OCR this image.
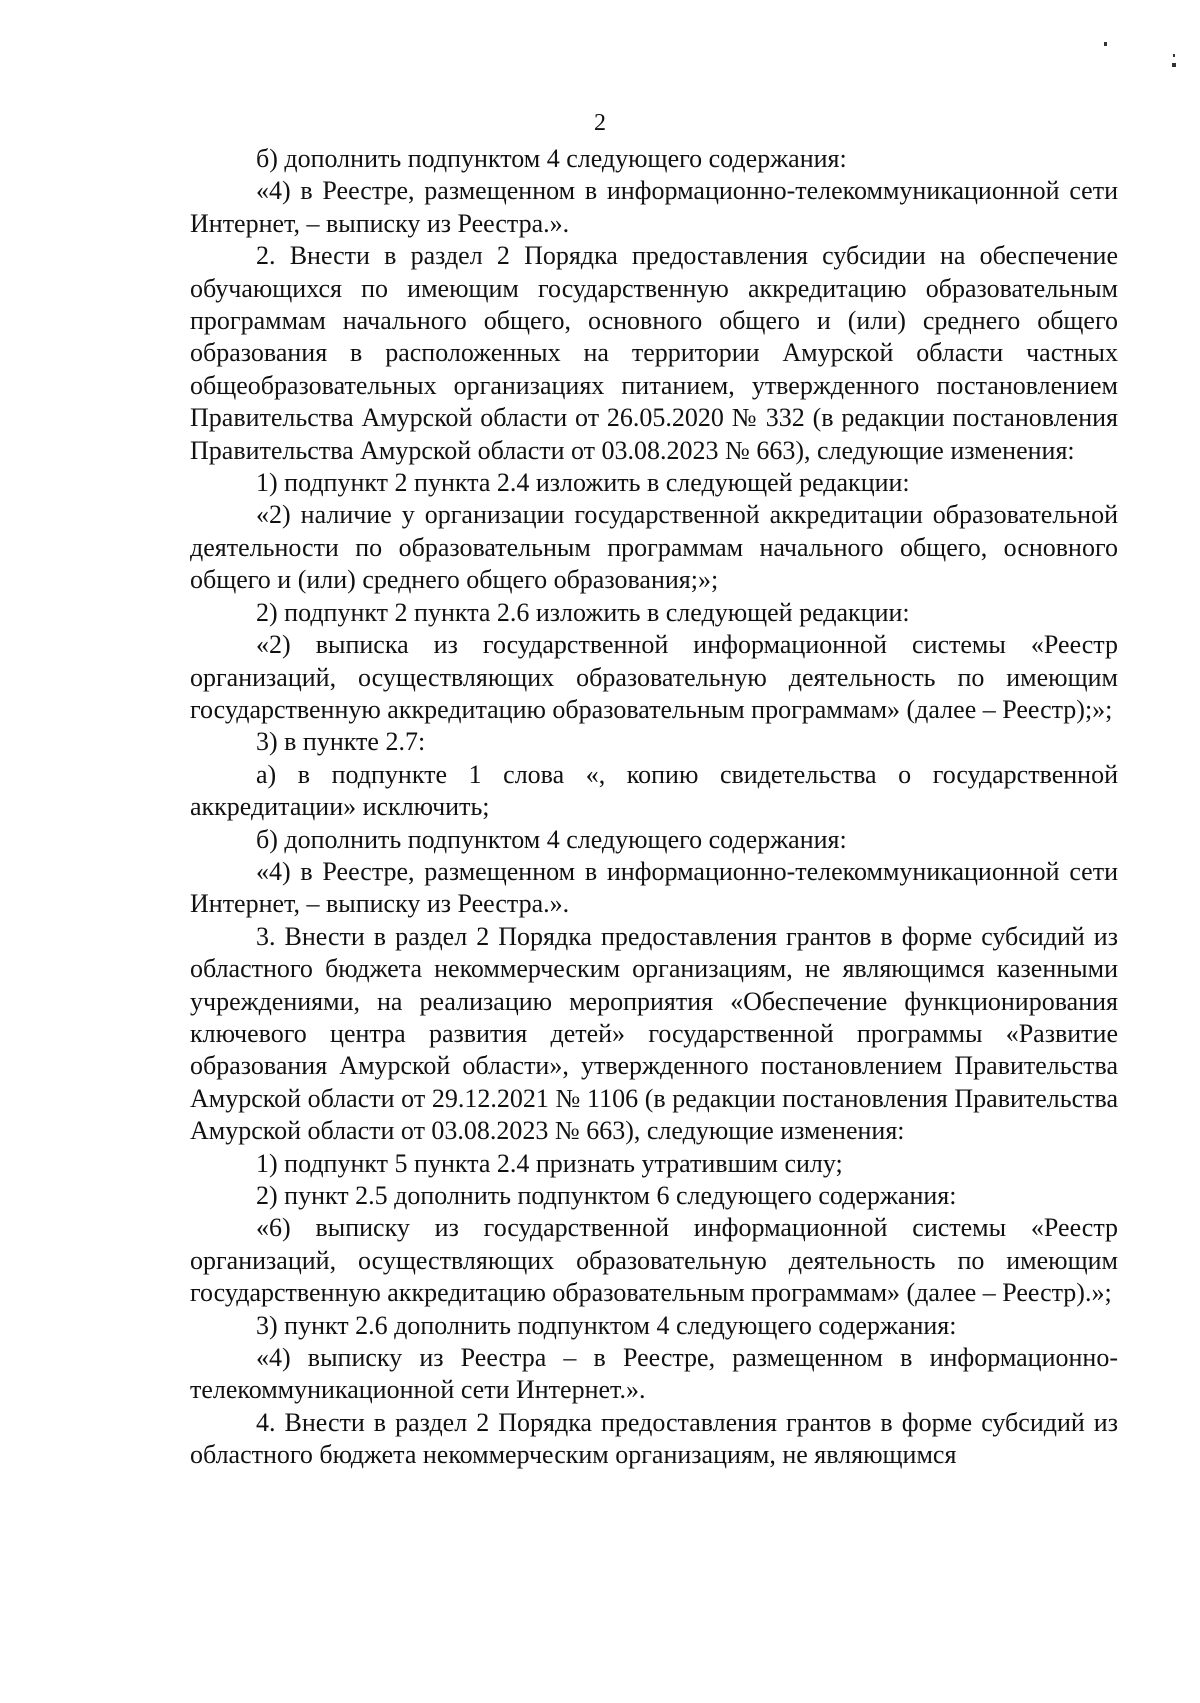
2

б) дополнить подпунктом 4 следующего содержания:

«4) в Реестре, размещенном в информационно-телекоммуникационной сети Интернет, – выписку из Реестра.».

2. Внести в раздел 2 Порядка предоставления субсидии на обеспечение обучающихся по имеющим государственную аккредитацию образовательным программам начального общего, основного общего и (или) среднего общего образования в расположенных на территории Амурской области частных общеобразовательных организациях питанием, утвержденного постановлением Правительства Амурской области от 26.05.2020 № 332 (в редакции постановления Правительства Амурской области от 03.08.2023 № 663), следующие изменения:

1) подпункт 2 пункта 2.4 изложить в следующей редакции:

«2) наличие у организации государственной аккредитации образовательной деятельности по образовательным программам начального общего, основного общего и (или) среднего общего образования;»;

2) подпункт 2 пункта 2.6 изложить в следующей редакции:

«2) выписка из государственной информационной системы «Реестр организаций, осуществляющих образовательную деятельность по имеющим государственную аккредитацию образовательным программам» (далее – Реестр);»;

3) в пункте 2.7:

а) в подпункте 1 слова «, копию свидетельства о государственной аккредитации» исключить;

б) дополнить подпунктом 4 следующего содержания:

«4) в Реестре, размещенном в информационно-телекоммуникационной сети Интернет, – выписку из Реестра.».

3. Внести в раздел 2 Порядка предоставления грантов в форме субсидий из областного бюджета некоммерческим организациям, не являющимся казенными учреждениями, на реализацию мероприятия «Обеспечение функционирования ключевого центра развития детей» государственной программы «Развитие образования Амурской области», утвержденного постановлением Правительства Амурской области от 29.12.2021 № 1106 (в редакции постановления Правительства Амурской области от 03.08.2023 № 663), следующие изменения:

1) подпункт 5 пункта 2.4 признать утратившим силу;

2) пункт 2.5 дополнить подпунктом 6 следующего содержания:

«6) выписку из государственной информационной системы «Реестр организаций, осуществляющих образовательную деятельность по имеющим государственную аккредитацию образовательным программам» (далее – Реестр).»;

3) пункт 2.6 дополнить подпунктом 4 следующего содержания:

«4) выписку из Реестра – в Реестре, размещенном в информационно-телекоммуникационной сети Интернет.».

4. Внести в раздел 2 Порядка предоставления грантов в форме субсидий из областного бюджета некоммерческим организациям, не являющимся
